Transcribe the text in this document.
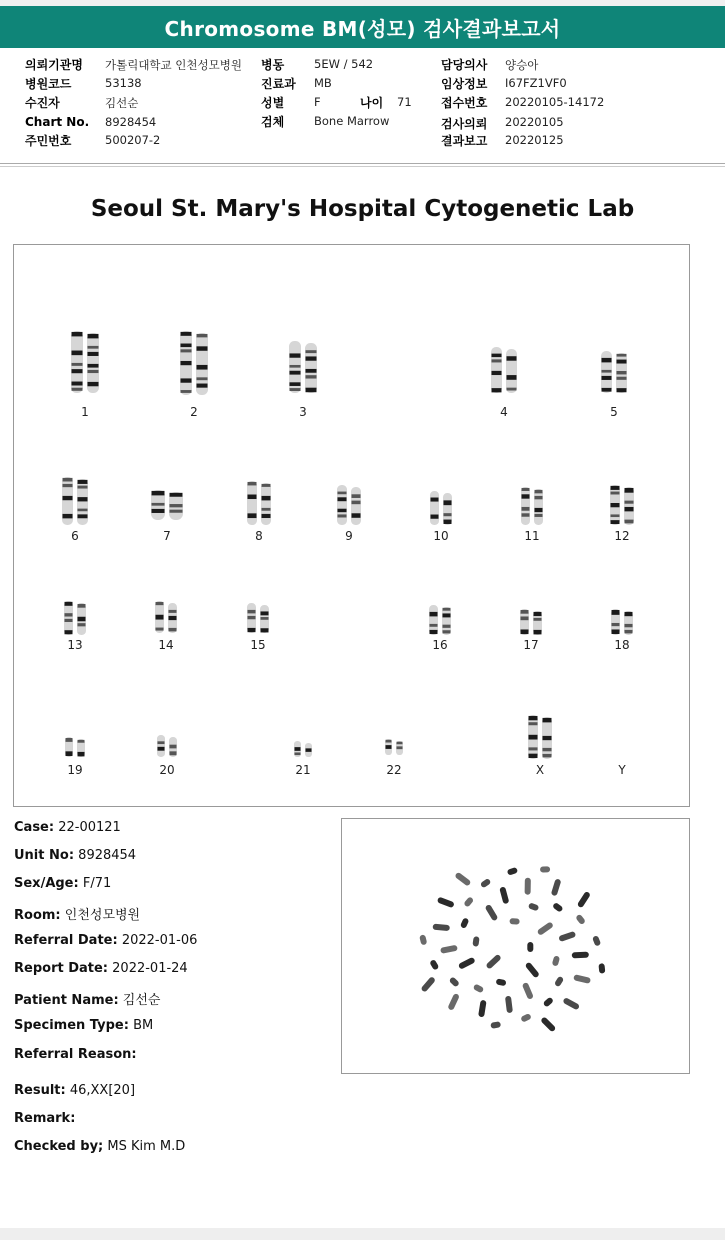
Chromosome BM(성모) 검사결과보고서
의뢰기관명 가톨릭대학교 인천성모병원
병원코드	53138
수진자	김선순
Chart No. 8928454
주민번호	500207-2
병동	5EW / 542
진료과 MB
성별	F	나이 71
검체	Bone Marrow
담당의사 양승아
임상정보 I67FZ1VF0
접수번호 20220105-14172
검사의뢰 20220105
결과보고 20220125
Seoul St. Mary's Hospital Cytogenetic Lab
1	2	3	4	5
6	7	8	9	10	11	12
13	14	15	16	17	18
19	20	21	22	X	Y
Case: 22-00121
Unit No: 8928454
Sex/Age: F/71
Room: 인천성모병원
Referral Date: 2022-01-06
Report Date: 2022-01-24
Patient Name: 김선순
Specimen Type: BM
Referral Reason:
Result: 46,XX[20]
Remark:
Checked by; MS Kim M.D
